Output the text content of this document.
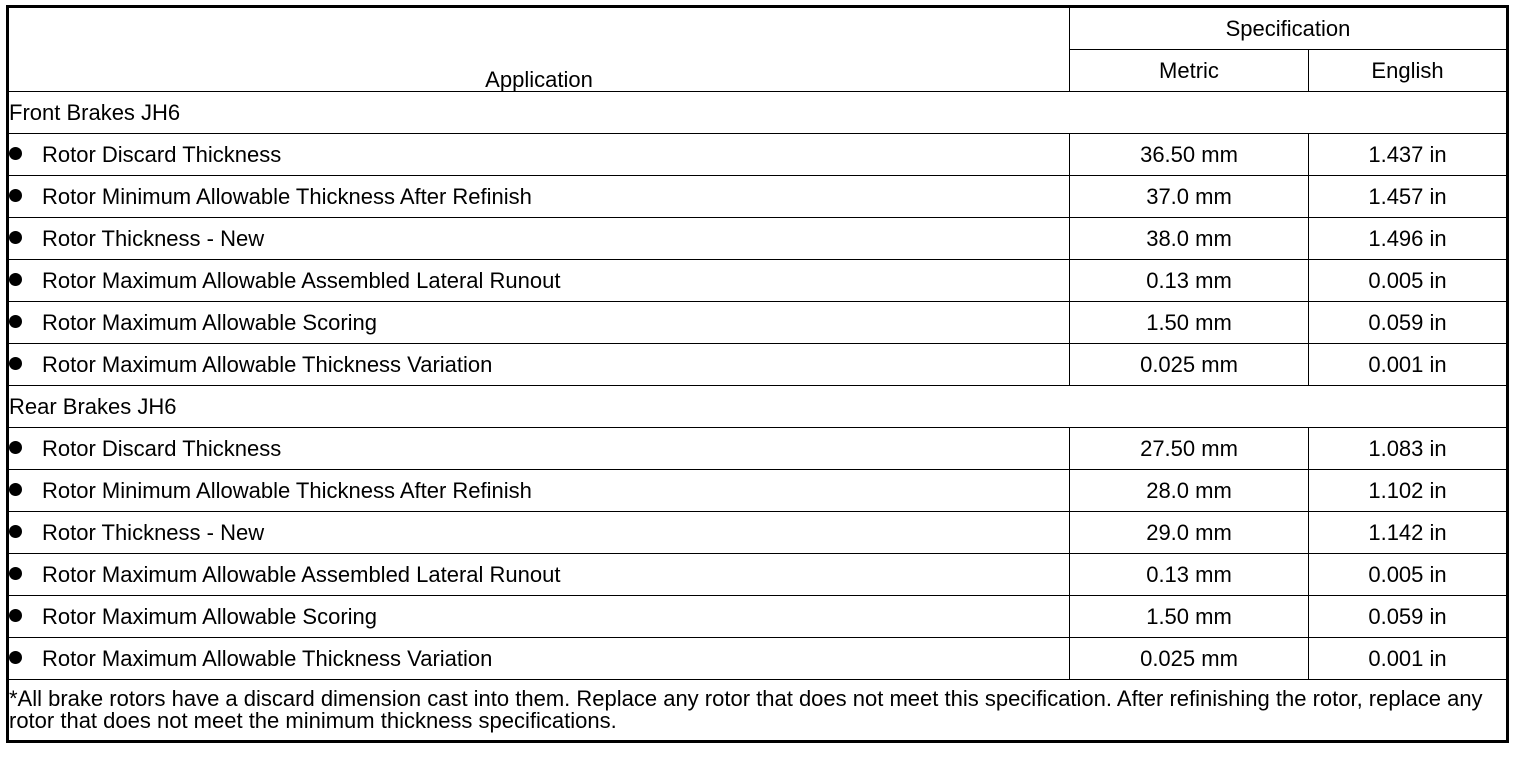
Application	Specification	
	Metric	English
Front Brakes JH6		
Rotor Discard Thickness	36.50 mm	1.437 in
Rotor Minimum Allowable Thickness After Refinish	37.0 mm	1.457 in
Rotor Thickness - New	38.0 mm	1.496 in
Rotor Maximum Allowable Assembled Lateral Runout	0.13 mm	0.005 in
Rotor Maximum Allowable Scoring	1.50 mm	0.059 in
Rotor Maximum Allowable Thickness Variation	0.025 mm	0.001 in
Rear Brakes JH6		
Rotor Discard Thickness	27.50 mm	1.083 in
Rotor Minimum Allowable Thickness After Refinish	28.0 mm	1.102 in
Rotor Thickness - New	29.0 mm	1.142 in
Rotor Maximum Allowable Assembled Lateral Runout	0.13 mm	0.005 in
Rotor Maximum Allowable Scoring	1.50 mm	0.059 in
Rotor Maximum Allowable Thickness Variation	0.025 mm	0.001 in
*All brake rotors have a discard dimension cast into them. Replace any rotor that does not meet this specification. After refinishing the rotor, replace any rotor that does not meet the minimum thickness specifications.		
